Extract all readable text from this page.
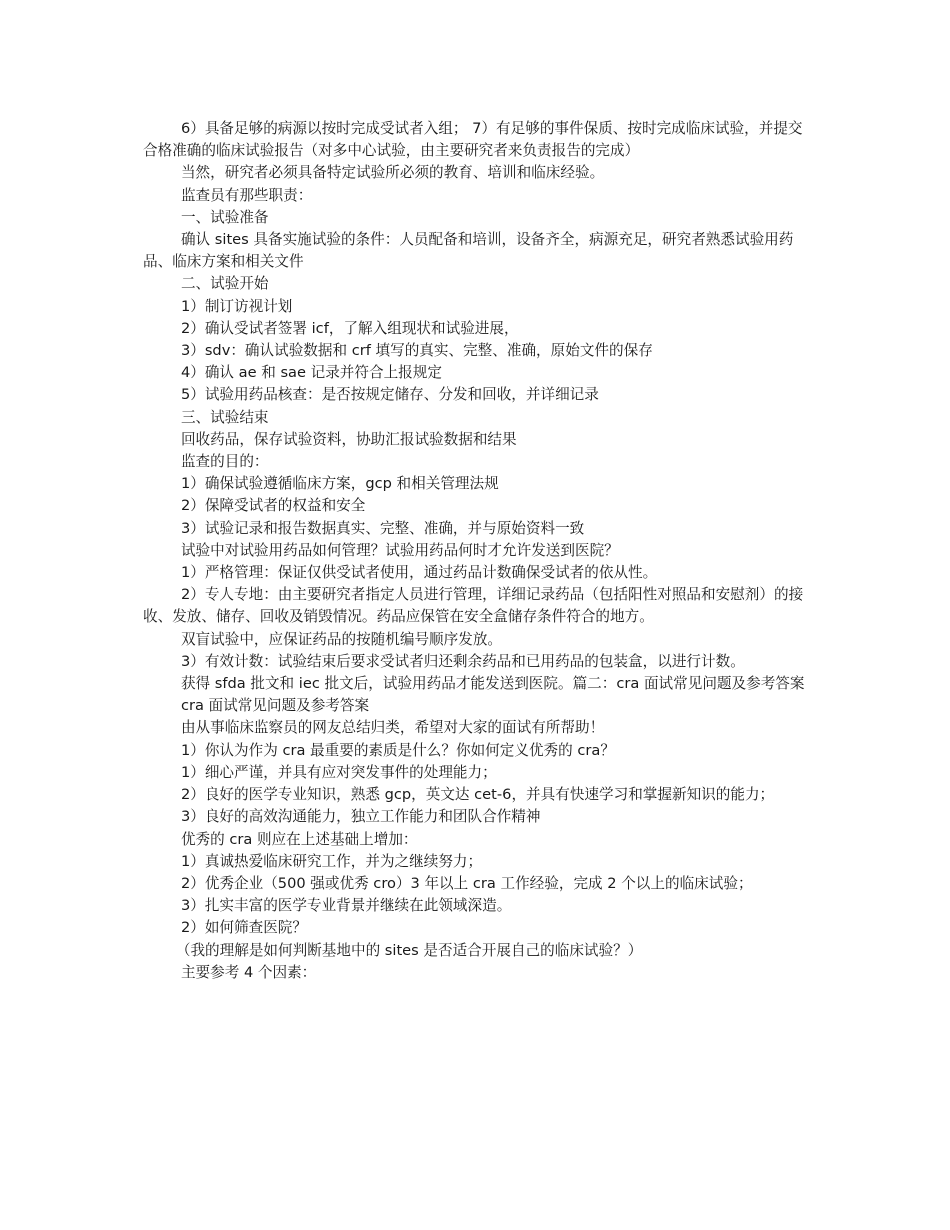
6）具备足够的病源以按时完成受试者入组； 7）有足够的事件保质、按时完成临床试验，并提交合格准确的临床试验报告（对多中心试验，由主要研究者来负责报告的完成）

当然，研究者必须具备特定试验所必须的教育、培训和临床经验。

监查员有那些职责：

一、试验准备

确认 sites 具备实施试验的条件：人员配备和培训，设备齐全，病源充足，研究者熟悉试验用药品、临床方案和相关文件

二、试验开始

1）制订访视计划

2）确认受试者签署 icf，了解入组现状和试验进展，

3）sdv：确认试验数据和 crf 填写的真实、完整、准确，原始文件的保存

4）确认 ae 和 sae 记录并符合上报规定

5）试验用药品核查：是否按规定储存、分发和回收，并详细记录

三、试验结束

回收药品，保存试验资料，协助汇报试验数据和结果

监查的目的：

1）确保试验遵循临床方案，gcp 和相关管理法规

2）保障受试者的权益和安全

3）试验记录和报告数据真实、完整、准确，并与原始资料一致

试验中对试验用药品如何管理？试验用药品何时才允许发送到医院？

1）严格管理：保证仅供受试者使用，通过药品计数确保受试者的依从性。

2）专人专地：由主要研究者指定人员进行管理，详细记录药品（包括阳性对照品和安慰剂）的接收、发放、储存、回收及销毁情况。药品应保管在安全盒储存条件符合的地方。

双盲试验中，应保证药品的按随机编号顺序发放。

3）有效计数：试验结束后要求受试者归还剩余药品和已用药品的包装盒，以进行计数。

获得 sfda 批文和 iec 批文后，试验用药品才能发送到医院。篇二：cra 面试常见问题及参考答案

cra 面试常见问题及参考答案

由从事临床监察员的网友总结归类，希望对大家的面试有所帮助！

1）你认为作为 cra 最重要的素质是什么？你如何定义优秀的 cra？

1）细心严谨，并具有应对突发事件的处理能力；

2）良好的医学专业知识，熟悉 gcp，英文达 cet-6，并具有快速学习和掌握新知识的能力；

3）良好的高效沟通能力，独立工作能力和团队合作精神

优秀的 cra 则应在上述基础上增加：

1）真诚热爱临床研究工作，并为之继续努力；

2）优秀企业（500 强或优秀 cro）3 年以上 cra 工作经验，完成 2 个以上的临床试验；

3）扎实丰富的医学专业背景并继续在此领域深造。

2）如何筛查医院？

（我的理解是如何判断基地中的 sites 是否适合开展自己的临床试验？）

主要参考 4 个因素：
